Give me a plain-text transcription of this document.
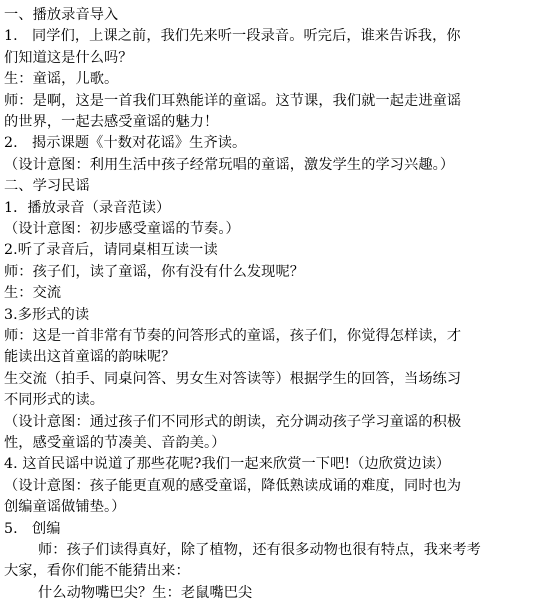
一、播放录音导入
1.　同学们，上课之前，我们先来听一段录音。听完后，谁来告诉我，你
们知道这是什么吗？
生：童谣，儿歌。
师：是啊，这是一首我们耳熟能详的童谣。这节课，我们就一起走进童谣
的世界，一起去感受童谣的魅力！
2.　揭示课题《十数对花谣》生齐读。
（设计意图：利用生活中孩子经常玩唱的童谣，激发学生的学习兴趣。）
二、学习民谣
1．播放录音（录音范读）
（设计意图：初步感受童谣的节奏。）
2.听了录音后，请同桌相互读一读
师：孩子们，读了童谣，你有没有什么发现呢？
生：交流
3.多形式的读
师：这是一首非常有节奏的问答形式的童谣，孩子们，你觉得怎样读，才
能读出这首童谣的韵味呢？
生交流（拍手、同桌问答、男女生对答读等）根据学生的回答，当场练习
不同形式的读。
（设计意图：通过孩子们不同形式的朗读，充分调动孩子学习童谣的积极
性，感受童谣的节凑美、音韵美。）
4. 这首民谣中说道了那些花呢?我们一起来欣赏一下吧!（边欣赏边读）
（设计意图：孩子能更直观的感受童谣，降低熟读成诵的难度，同时也为
创编童谣做铺垫。）
5.　创编
师：孩子们读得真好，除了植物，还有很多动物也很有特点，我来考考
大家，看你们能不能猜出来：
什么动物嘴巴尖？生：老鼠嘴巴尖
